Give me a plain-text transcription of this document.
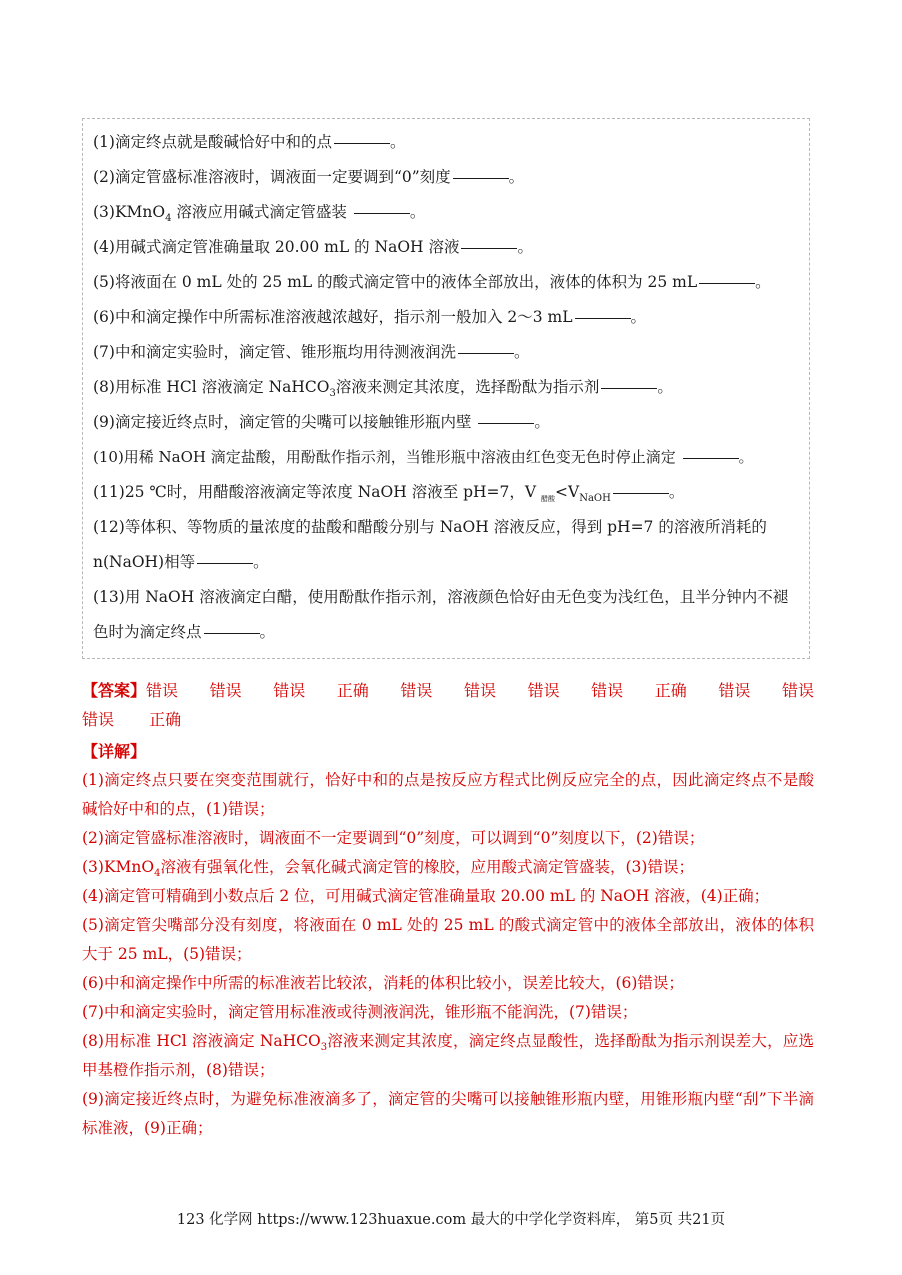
(1)滴定终点就是酸碱恰好中和的点	。

(2)滴定管盛标准溶液时，调液面一定要调到“0”刻度	。

(3)KMnO$_4$ 溶液应用碱式滴定管盛装	。

(4)用碱式滴定管准确量取 20.00 mL 的 NaOH 溶液	。

(5)将液面在 0 mL 处的 25 mL 的酸式滴定管中的液体全部放出，液体的体积为 25 mL	。

(6)中和滴定操作中所需标准溶液越浓越好，指示剂一般加入 2～3 mL	。

(7)中和滴定实验时，滴定管、锥形瓶均用待测液润洗	。

(8)用标准 HCl 溶液滴定 NaHCO$_3$溶液来测定其浓度，选择酚酞为指示剂	。

(9)滴定接近终点时，滴定管的尖嘴可以接触锥形瓶内壁	。

(10)用稀 NaOH 滴定盐酸，用酚酞作指示剂，当锥形瓶中溶液由红色变无色时停止滴定	。

(11)25 ℃时，用醋酸溶液滴定等浓度 NaOH 溶液至 pH=7，V $_{醋酸}<V_{NaOH}$	。

(12)等体积、等物质的量浓度的盐酸和醋酸分别与 NaOH 溶液反应，得到 pH=7 的溶液所消耗的 n(NaOH)相等	。

(13)用 NaOH 溶液滴定白醋，使用酚酞作指示剂，溶液颜色恰好由无色变为浅红色，且半分钟内不褪色时为滴定终点	。

【答案】错误 错误 错误 正确 错误 错误 错误 错误 正确 错误 错误
错误 正确
【详解】

(1)滴定终点只要在突变范围就行，恰好中和的点是按反应方程式比例反应完全的点，因此滴定终点不是酸碱恰好中和的点，(1)错误；

(2)滴定管盛标准溶液时，调液面不一定要调到“0”刻度，可以调到“0”刻度以下，(2)错误；

(3)KMnO$_4$溶液有强氧化性，会氧化碱式滴定管的橡胶，应用酸式滴定管盛装，(3)错误；

(4)滴定管可精确到小数点后 2 位，可用碱式滴定管准确量取 20.00 mL 的 NaOH 溶液，(4)正确；

(5)滴定管尖嘴部分没有刻度，将液面在 0 mL 处的 25 mL 的酸式滴定管中的液体全部放出，液体的体积大于 25 mL，(5)错误；

(6)中和滴定操作中所需的标准液若比较浓，消耗的体积比较小，误差比较大，(6)错误；

(7)中和滴定实验时，滴定管用标准液或待测液润洗，锥形瓶不能润洗，(7)错误；

(8)用标准 HCl 溶液滴定 NaHCO$_3$溶液来测定其浓度，滴定终点显酸性，选择酚酞为指示剂误差大，应选甲基橙作指示剂，(8)错误；

(9)滴定接近终点时，为避免标准液滴多了，滴定管的尖嘴可以接触锥形瓶内壁，用锥形瓶内壁“刮”下半滴标准液，(9)正确；

123 化学网 https://www.123huaxue.com 最大的中学化学资料库， 第5页 共21页
